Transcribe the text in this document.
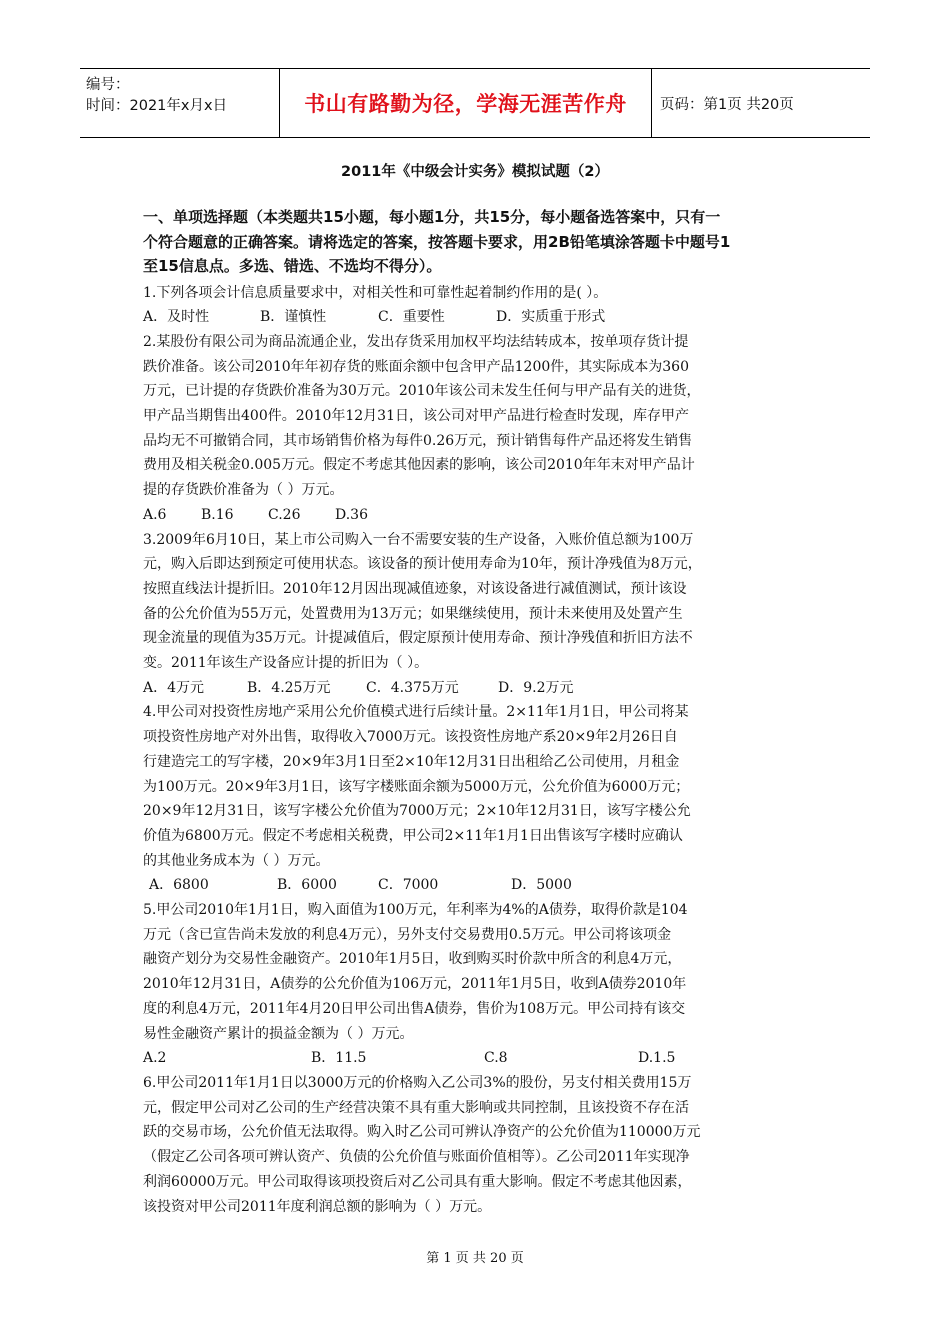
编号：
时间：2021年x月x日	书山有路勤为径，学海无涯苦作舟 页码：第1页 共20页
2011年《中级会计实务》模拟试题（2）
一、单项选择题（本类题共15小题，每小题1分，共15分，每小题备选答案中，只有一
个符合题意的正确答案。请将选定的答案，按答题卡要求，用2B铅笔填涂答题卡中题号1
至15信息点。多选、错选、不选均不得分）。
1.下列各项会计信息质量要求中，对相关性和可靠性起着制约作用的是( ）。
A．及时性	B．谨慎性	C．重要性	D．实质重于形式
2.某股份有限公司为商品流通企业，发出存货采用加权平均法结转成本，按单项存货计提
跌价准备。该公司2010年年初存货的账面余额中包含甲产品1200件，其实际成本为360
万元，已计提的存货跌价准备为30万元。2010年该公司未发生任何与甲产品有关的进货，
甲产品当期售出400件。2010年12月31日，该公司对甲产品进行检查时发现，库存甲产
品均无不可撤销合同，其市场销售价格为每件0.26万元，预计销售每件产品还将发生销售
费用及相关税金0.005万元。假定不考虑其他因素的影响，该公司2010年年末对甲产品计
提的存货跌价准备为（ ）万元。
A.6	B.16	C.26	D.36
3.2009年6月10日，某上市公司购入一台不需要安装的生产设备，入账价值总额为100万
元，购入后即达到预定可使用状态。该设备的预计使用寿命为10年，预计净残值为8万元，
按照直线法计提折旧。2010年12月因出现减值迹象，对该设备进行减值测试，预计该设
备的公允价值为55万元，处置费用为13万元；如果继续使用，预计未来使用及处置产生
现金流量的现值为35万元。计提减值后，假定原预计使用寿命、预计净残值和折旧方法不
变。2011年该生产设备应计提的折旧为（ ）。
A．4万元	B．4.25万元	C．4.375万元	D．9.2万元
4.甲公司对投资性房地产采用公允价值模式进行后续计量。2×11年1月1日，甲公司将某
项投资性房地产对外出售，取得收入7000万元。该投资性房地产系20×9年2月26日自
行建造完工的写字楼，20×9年3月1日至2×10年12月31日出租给乙公司使用，月租金
为100万元。20×9年3月1日，该写字楼账面余额为5000万元，公允价值为6000万元；
20×9年12月31日，该写字楼公允价值为7000万元；2×10年12月31日，该写字楼公允
价值为6800万元。假定不考虑相关税费，甲公司2×11年1月1日出售该写字楼时应确认
的其他业务成本为（ ）万元。
A．6800	B．6000	C．7000	D．5000
5.甲公司2010年1月1日，购入面值为100万元，年利率为4%的A债券，取得价款是104
万元（含已宣告尚未发放的利息4万元），另外支付交易费用0.5万元。甲公司将该项金
融资产划分为交易性金融资产。2010年1月5日，收到购买时价款中所含的利息4万元，
2010年12月31日，A债券的公允价值为106万元，2011年1月5日，收到A债券2010年
度的利息4万元，2011年4月20日甲公司出售A债券，售价为108万元。甲公司持有该交
易性金融资产累计的损益金额为（ ）万元。
A.2	B．11.5	C.8	D.1.5
6.甲公司2011年1月1日以3000万元的价格购入乙公司3%的股份，另支付相关费用15万
元，假定甲公司对乙公司的生产经营决策不具有重大影响或共同控制，且该投资不存在活
跃的交易市场，公允价值无法取得。购入时乙公司可辨认净资产的公允价值为110000万元
（假定乙公司各项可辨认资产、负债的公允价值与账面价值相等）。乙公司2011年实现净
利润60000万元。甲公司取得该项投资后对乙公司具有重大影响。假定不考虑其他因素，
该投资对甲公司2011年度利润总额的影响为（ ）万元。
第 1 页 共 20 页
